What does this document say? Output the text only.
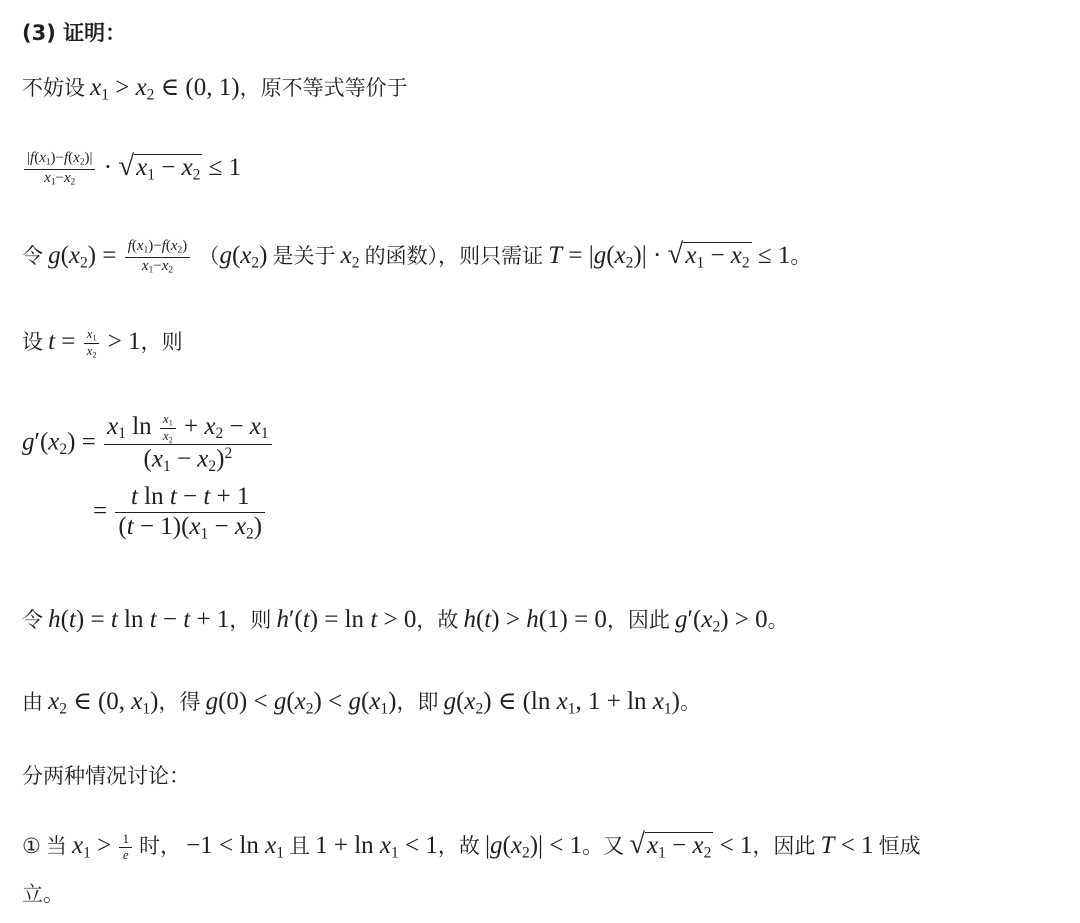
(3) 证明：
不妨设 $x_1 > x_2$ ∈ (0, 1)，原不等式等价于
$\frac{|f(x_1)-f(x_2)|}{x_1-x_2} \cdot √x_1 - x_2 \le 1$
令 $g(x_2) = \frac{f(x_1)-f(x_2)}{x_1-x_2} (g(x_2)$ 是关于 $x_2$ 的函数），则只需证 $T = |g(x_2)| \cdot √x_1 - x_2 \le 1$。
设 $t = \frac{x_1}{x_2} > 1$，则
$g'(x_2) = \frac{x_1 \ln \frac{x_1}{x_2} + x_2 - x_1}{(x_1 - x_2)^2}$
= $\frac{\text{t ln t − t + 1}}{(t - 1)(x_1 - x_2)}$
令 h(t) = t ln t − t + 1，则 h′(t) = ln t > 0，故 h(t) > h(1) = 0，因此 $g'(x_2) > 0$。
由 $x_2$ ∈ (0, $x_1$)，得 $g(0) < g(x_2) < g(x_1)$，即 $g(x_2)$ ∈ (ln $x_1$, $1 + \ln x_1$)。
分两种情况讨论：
① 当 $x_1 > \frac{1}{e}$ 时， $-1 < \ln x_1$ 且 $1 + \ln x_1 < 1$，故 $|g(x_2)| < 1$。又 $√x_1 - x_2 < 1$，因此 T < 1 恒成
立。
